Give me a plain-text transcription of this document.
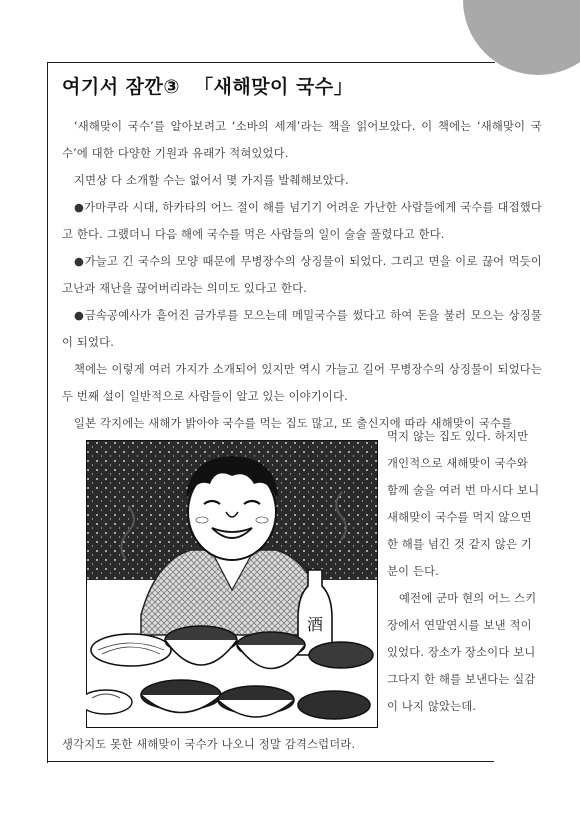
여기서 잠깐③ 「새해맞이 국수」

‘새해맞이 국수’를 알아보려고 ‘소바의 세계’라는 책을 읽어보았다. 이 책에는 ‘새해맞이 국수’에 대한 다양한 기원과 유래가 적혀있었다.

지면상 다 소개할 수는 없어서 몇 가지를 발췌해보았다.

●가마쿠라 시대, 하카타의 어느 절이 해를 넘기기 어려운 가난한 사람들에게 국수를 대접했다고 한다. 그랬더니 다음 해에 국수를 먹은 사람들의 일이 술술 풀렸다고 한다.

●가늘고 긴 국수의 모양 때문에 무병장수의 상징물이 되었다. 그리고 면을 이로 끊어 먹듯이 고난과 재난을 끊어버리라는 의미도 있다고 한다.

●금속공예사가 흩어진 금가루를 모으는데 메밀국수를 썼다고 하여 돈을 불러 모으는 상징물이 되었다.

책에는 이렇게 여러 가지가 소개되어 있지만 역시 가늘고 길어 무병장수의 상징물이 되었다는 두 번째 설이 일반적으로 사람들이 알고 있는 이야기이다.

일본 각지에는 새해가 밝아야 국수를 먹는 집도 많고, 또 출신지에 따라 새해맞이 국수를

먹지 않는 집도 있다. 하지만 개인적으로 새해맞이 국수와 함께 술을 여러 번 마시다 보니 새해맞이 국수를 먹지 않으면 한 해를 넘긴 것 같지 않은 기분이 든다.

예전에 군마 현의 어느 스키장에서 연말연시를 보낸 적이 있었다. 장소가 장소이다 보니 그다지 한 해를 보낸다는 실감이 나지 않았는데.

생각지도 못한 새해맞이 국수가 나오니 정말 감격스럽더라.

酒
